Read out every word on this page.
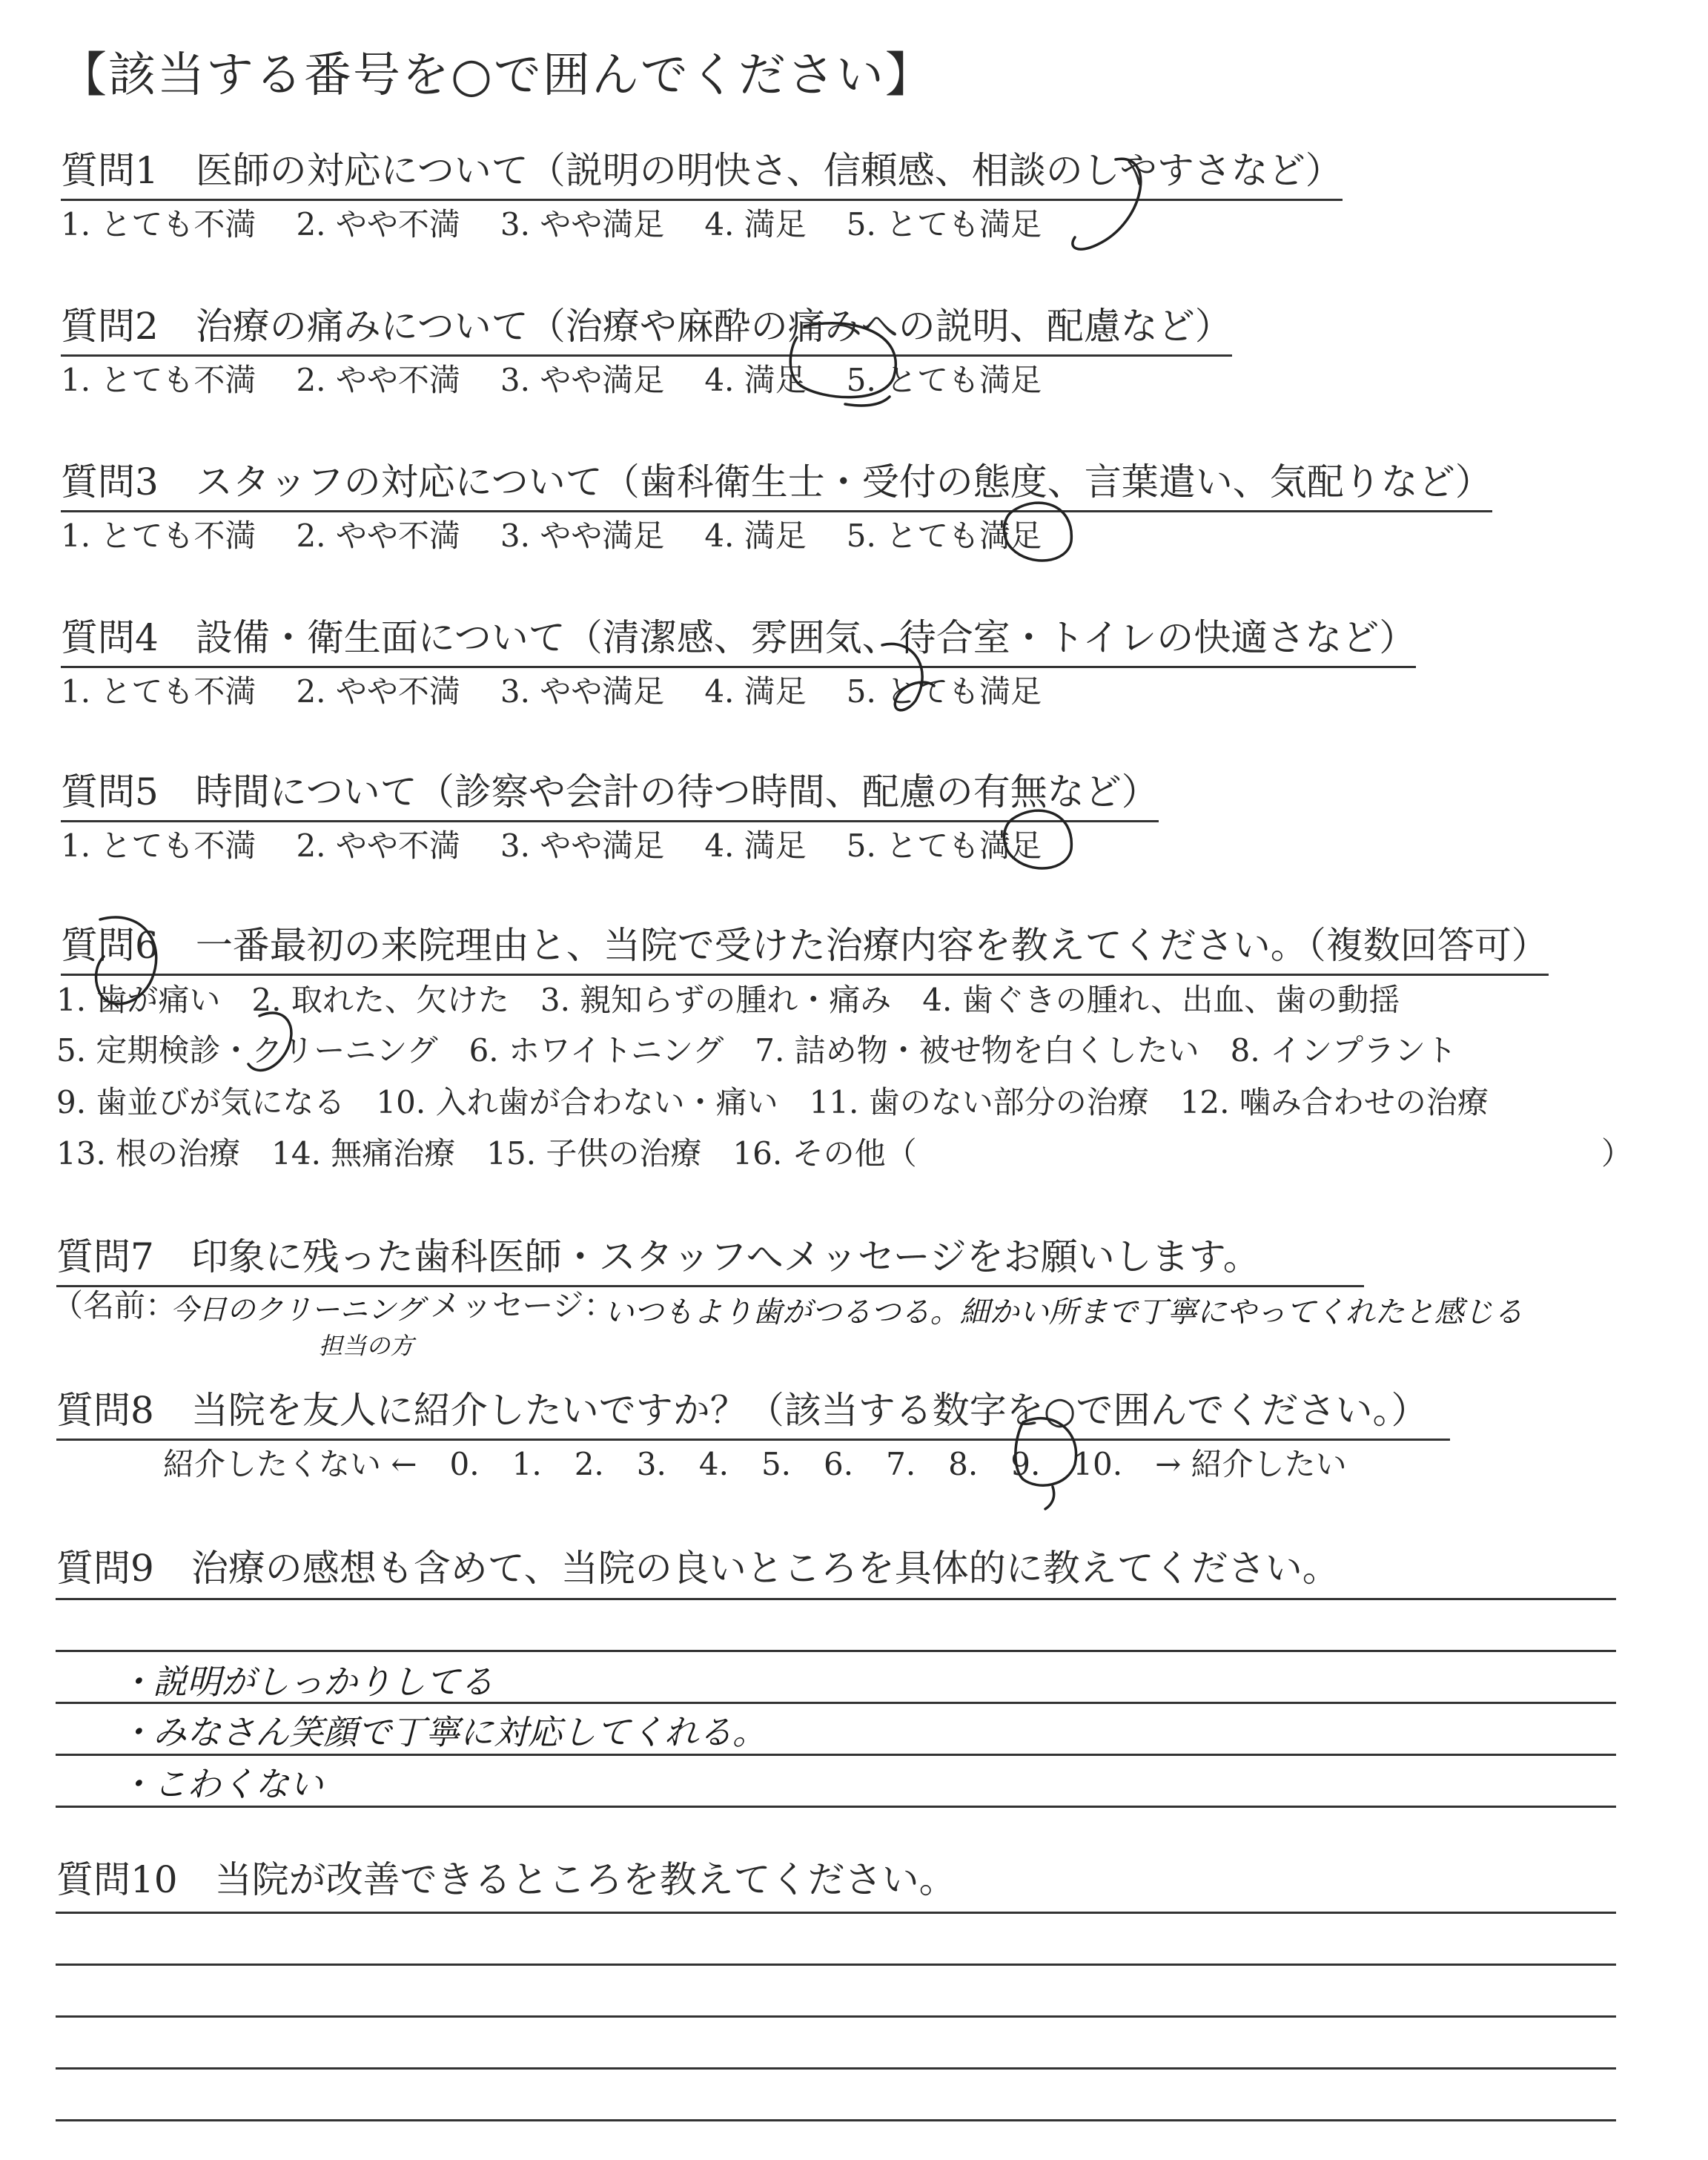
【該当する番号を○で囲んでください】
質問1　 医師の対応について（説明の明快さ、信頼感、相談のしやすさなど）
1. とても不満 2. やや不満 3. やや満足 4. 満足 5. とても満足
質問2　 治療の痛みについて（治療や麻酔の痛みへの説明、配慮など）
1. とても不満 2. やや不満 3. やや満足 4. 満足 5. とても満足
質問3　 スタッフの対応について（歯科衛生士・受付の態度、言葉遣い、気配りなど）
1. とても不満 2. やや不満 3. やや満足 4. 満足 5. とても満足
質問4　 設備・衛生面について（清潔感、雰囲気、待合室・トイレの快適さなど）
1. とても不満 2. やや不満 3. やや満足 4. 満足 5. とても満足
質問5　 時間について（診察や会計の待つ時間、配慮の有無など）
1. とても不満 2. やや不満 3. やや満足 4. 満足 5. とても満足
質問6　 一番最初の来院理由と、当院で受けた治療内容を教えてください。（複数回答可）
1. 歯が痛い　2. 取れた、欠けた　3. 親知らずの腫れ・痛み　4. 歯ぐきの腫れ、出血、歯の動揺
5. 定期検診・クリーニング　6. ホワイトニング　7. 詰め物・被せ物を白くしたい　8. インプラント
9. 歯並びが気になる　10. 入れ歯が合わない・痛い　11. 歯のない部分の治療　12. 噛み合わせの治療
13. 根の治療　14. 無痛治療　15. 子供の治療　16. その他（	）
質問7　 印象に残った歯科医師・スタッフへメッセージをお願いします。
（名前：
今日のクリーニング
担当の方
メッセージ：
いつもより歯がつるつる。細かい所まで丁寧にやってくれたと感じる
質問8　 当院を友人に紹介したいですか？（該当する数字を○で囲んでください。）
紹介したくない ← 0. 1. 2. 3. 4. 5. 6. 7. 8. 9. 10. → 紹介したい
質問9　 治療の感想も含めて、当院の良いところを具体的に教えてください。
・説明がしっかりしてる
・みなさん笑顔で丁寧に対応してくれる。
・こわくない
質問10　 当院が改善できるところを教えてください。
